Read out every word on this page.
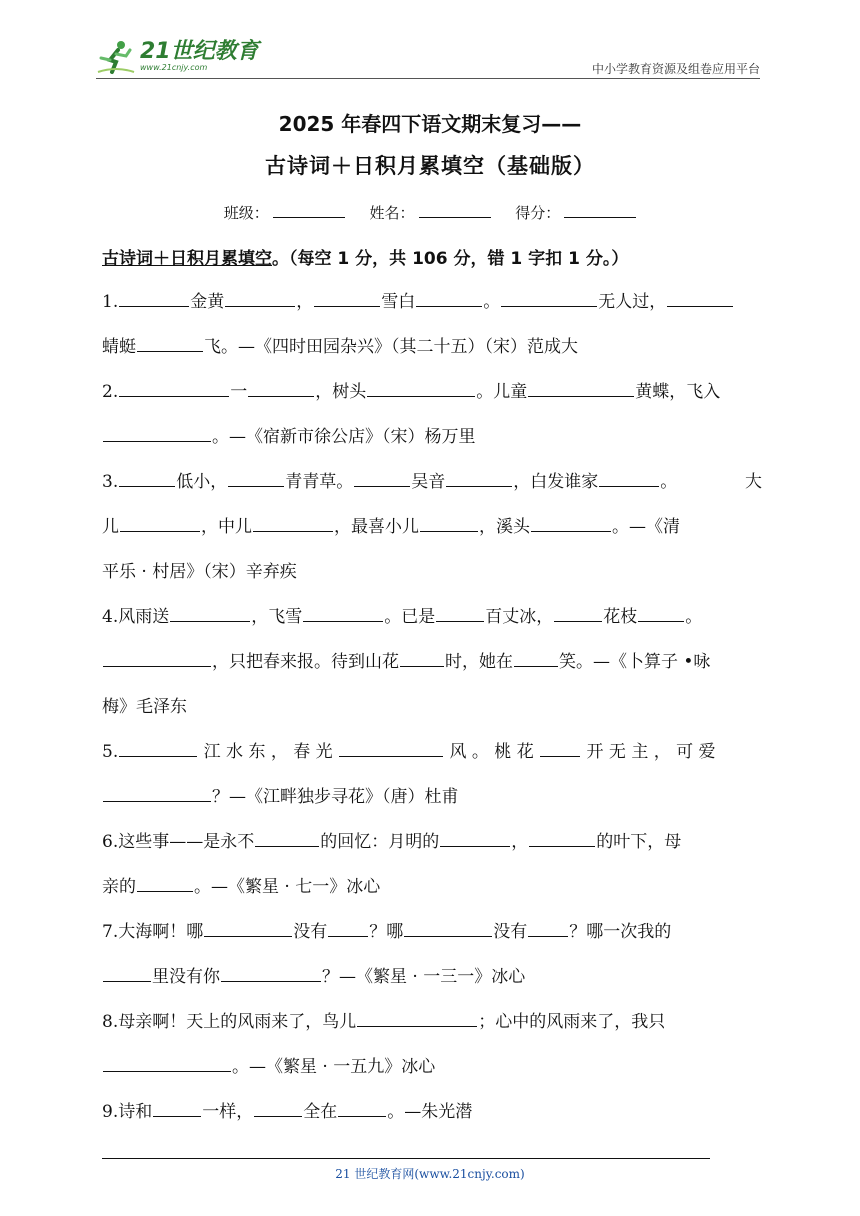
21世纪教育
www.21cnjy.com	中小学教育资源及组卷应用平台
2025 年春四下语文期末复习——
古诗词＋日积月累填空（基础版）
班级：	姓名：	得分：
古诗词＋日积月累填空。（每空 1 分，共 106 分，错 1 字扣 1 分。）
1.	金黄	，	雪白	。	无人过，
蜻蜓	飞。—《四时田园杂兴》（其二十五）（宋）范成大
2.	一	，树头	。儿童	黄蝶，飞入
。—《宿新市徐公店》（宋）杨万里
3.	低小，	青青草。	吴音	，白发谁家	。	大
儿	，中儿	，最喜小儿	，溪头	。—《清
平乐 · 村居》（宋）辛弃疾
4.风雨送	，飞雪	。已是	百丈冰，	花枝	。
，只把春来报。待到山花	时，她在	笑。—《卜算子 •咏
梅》毛泽东
5.	江 水 东 ， 春 光	风 。 桃 花	开 无 主 ， 可 爱
？—《江畔独步寻花》（唐）杜甫
6.这些事——是永不	的回忆：月明的	，	的叶下，母
亲的	。—《繁星 · 七一》冰心
7.大海啊！哪	没有 ？哪	没有 ？哪一次我的
里没有你	？—《繁星 · 一三一》冰心
8.母亲啊！天上的风雨来了，鸟儿	；心中的风雨来了，我只
。—《繁星 · 一五九》冰心
9.诗和	一样，	全在	。—朱光潜
21 世纪教育网(www.21cnjy.com)
